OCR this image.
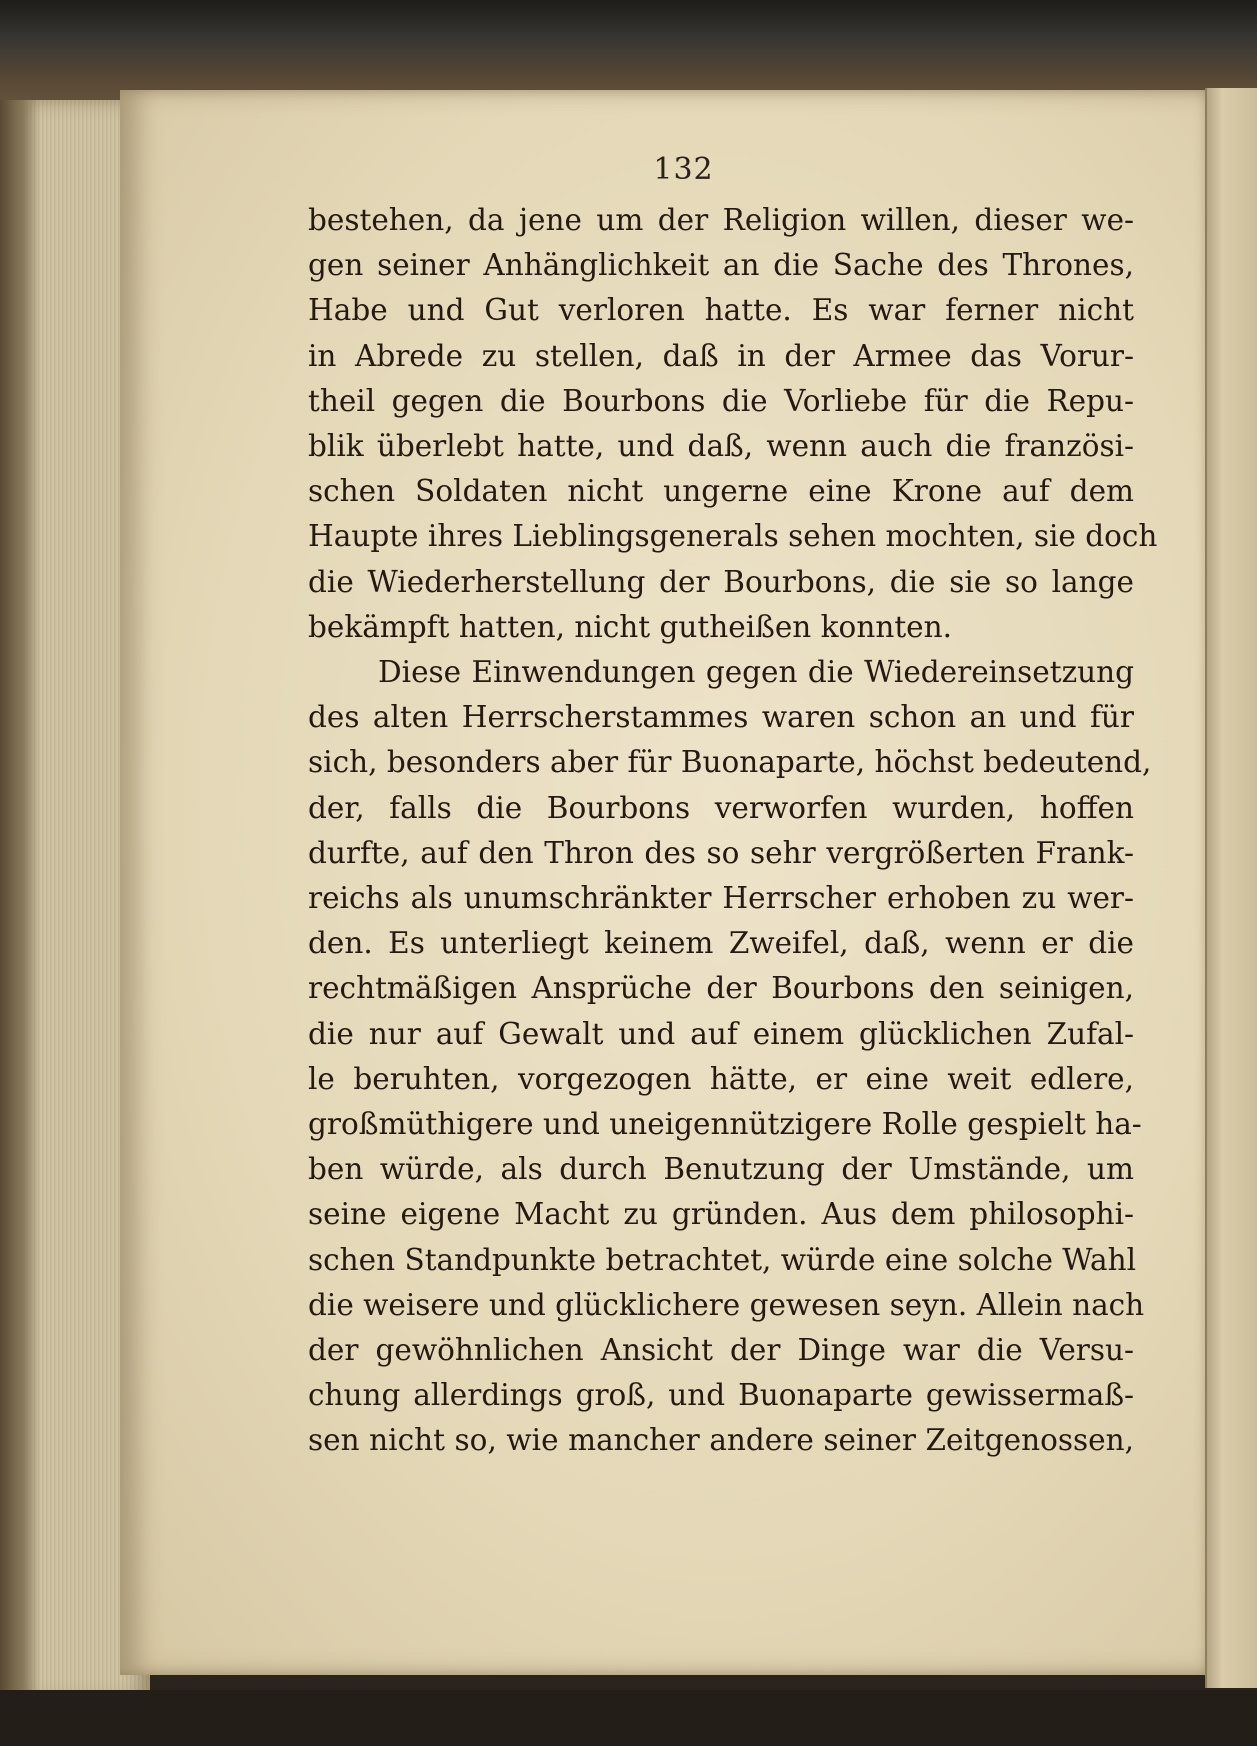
132
bestehen, da jene um der Religion willen, dieser we-
gen seiner Anhänglichkeit an die Sache des Thrones,
Habe und Gut verloren hatte. Es war ferner nicht
in Abrede zu stellen, daß in der Armee das Vorur-
theil gegen die Bourbons die Vorliebe für die Repu-
blik überlebt hatte, und daß, wenn auch die französi-
schen Soldaten nicht ungerne eine Krone auf dem
Haupte ihres Lieblingsgenerals sehen mochten, sie doch
die Wiederherstellung der Bourbons, die sie so lange
bekämpft hatten, nicht gutheißen konnten.
Diese Einwendungen gegen die Wiedereinsetzung
des alten Herrscherstammes waren schon an und für
sich, besonders aber für Buonaparte, höchst bedeutend,
der, falls die Bourbons verworfen wurden, hoffen
durfte, auf den Thron des so sehr vergrößerten Frank-
reichs als unumschränkter Herrscher erhoben zu wer-
den. Es unterliegt keinem Zweifel, daß, wenn er die
rechtmäßigen Ansprüche der Bourbons den seinigen,
die nur auf Gewalt und auf einem glücklichen Zufal-
le beruhten, vorgezogen hätte, er eine weit edlere,
großmüthigere und uneigennützigere Rolle gespielt ha-
ben würde, als durch Benutzung der Umstände, um
seine eigene Macht zu gründen. Aus dem philosophi-
schen Standpunkte betrachtet, würde eine solche Wahl
die weisere und glücklichere gewesen seyn. Allein nach
der gewöhnlichen Ansicht der Dinge war die Versu-
chung allerdings groß, und Buonaparte gewissermaß-
sen nicht so, wie mancher andere seiner Zeitgenossen,
